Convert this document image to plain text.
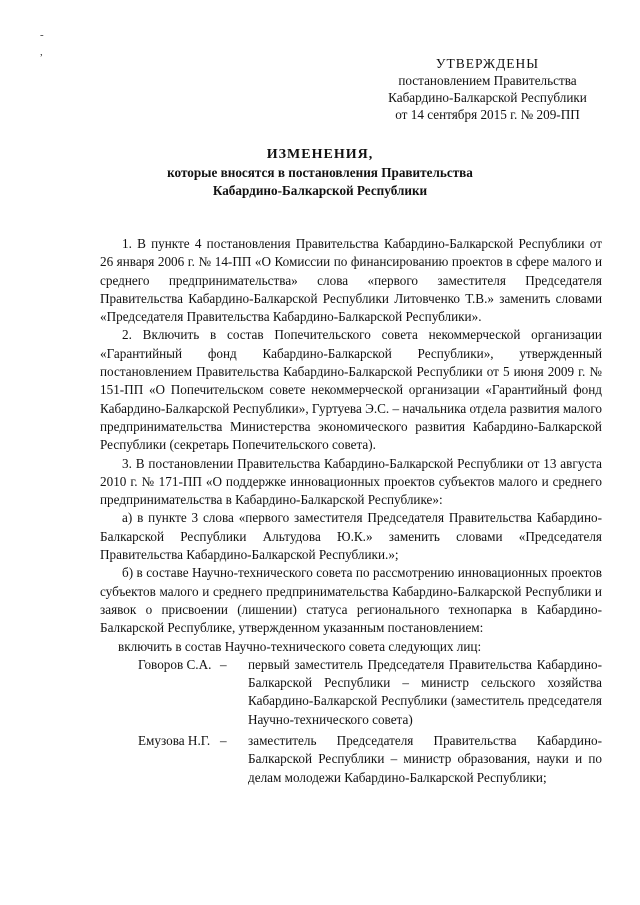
-
,
УТВЕРЖДЕНЫ
постановлением Правительства
Кабардино-Балкарской Республики
от 14 сентября 2015 г. № 209-ПП
ИЗМЕНЕНИЯ,
которые вносятся в постановления Правительства
Кабардино-Балкарской Республики

1. В пункте 4 постановления Правительства Кабардино-Балкарской Республики от 26 января 2006 г. № 14-ПП «О Комиссии по финансированию проектов в сфере малого и среднего предпринимательства» слова «первого заместителя Председателя Правительства Кабардино-Балкарской Республики Литовченко Т.В.» заменить словами «Председателя Правительства Кабардино-Балкарской Республики».

2. Включить в состав Попечительского совета некоммерческой организации «Гарантийный фонд Кабардино-Балкарской Республики», утвержденный постановлением Правительства Кабардино-Балкарской Республики от 5 июня 2009 г. № 151-ПП «О Попечительском совете некоммерческой организации «Гарантийный фонд Кабардино-Балкарской Республики», Гуртуева Э.С. – начальника отдела развития малого предпринимательства Министерства экономического развития Кабардино-Балкарской Республики (секретарь Попечительского совета).

3. В постановлении Правительства Кабардино-Балкарской Республики от 13 августа 2010 г. № 171-ПП «О поддержке инновационных проектов субъектов малого и среднего предпринимательства в Кабардино-Балкарской Республике»:

а) в пункте 3 слова «первого заместителя Председателя Правительства Кабардино-Балкарской Республики Альтудова Ю.К.» заменить словами «Председателя Правительства Кабардино-Балкарской Республики.»;

б) в составе Научно-технического совета по рассмотрению инновационных проектов субъектов малого и среднего предпринимательства Кабардино-Балкарской Республики и заявок о присвоении (лишении) статуса регионального технопарка в Кабардино-Балкарской Республике, утвержденном указанным постановлением:

включить в состав Научно-технического совета следующих лиц:

Говоров С.А. –	первый заместитель Председателя Правительства Кабардино-Балкарской Республики – министр сельского хозяйства Кабардино-Балкарской Республики (заместитель председателя Научно-технического совета)
Емузова Н.Г. –	заместитель Председателя Правительства Кабардино-Балкарской Республики – министр образования, науки и по делам молодежи Кабардино-Балкарской Республики;
